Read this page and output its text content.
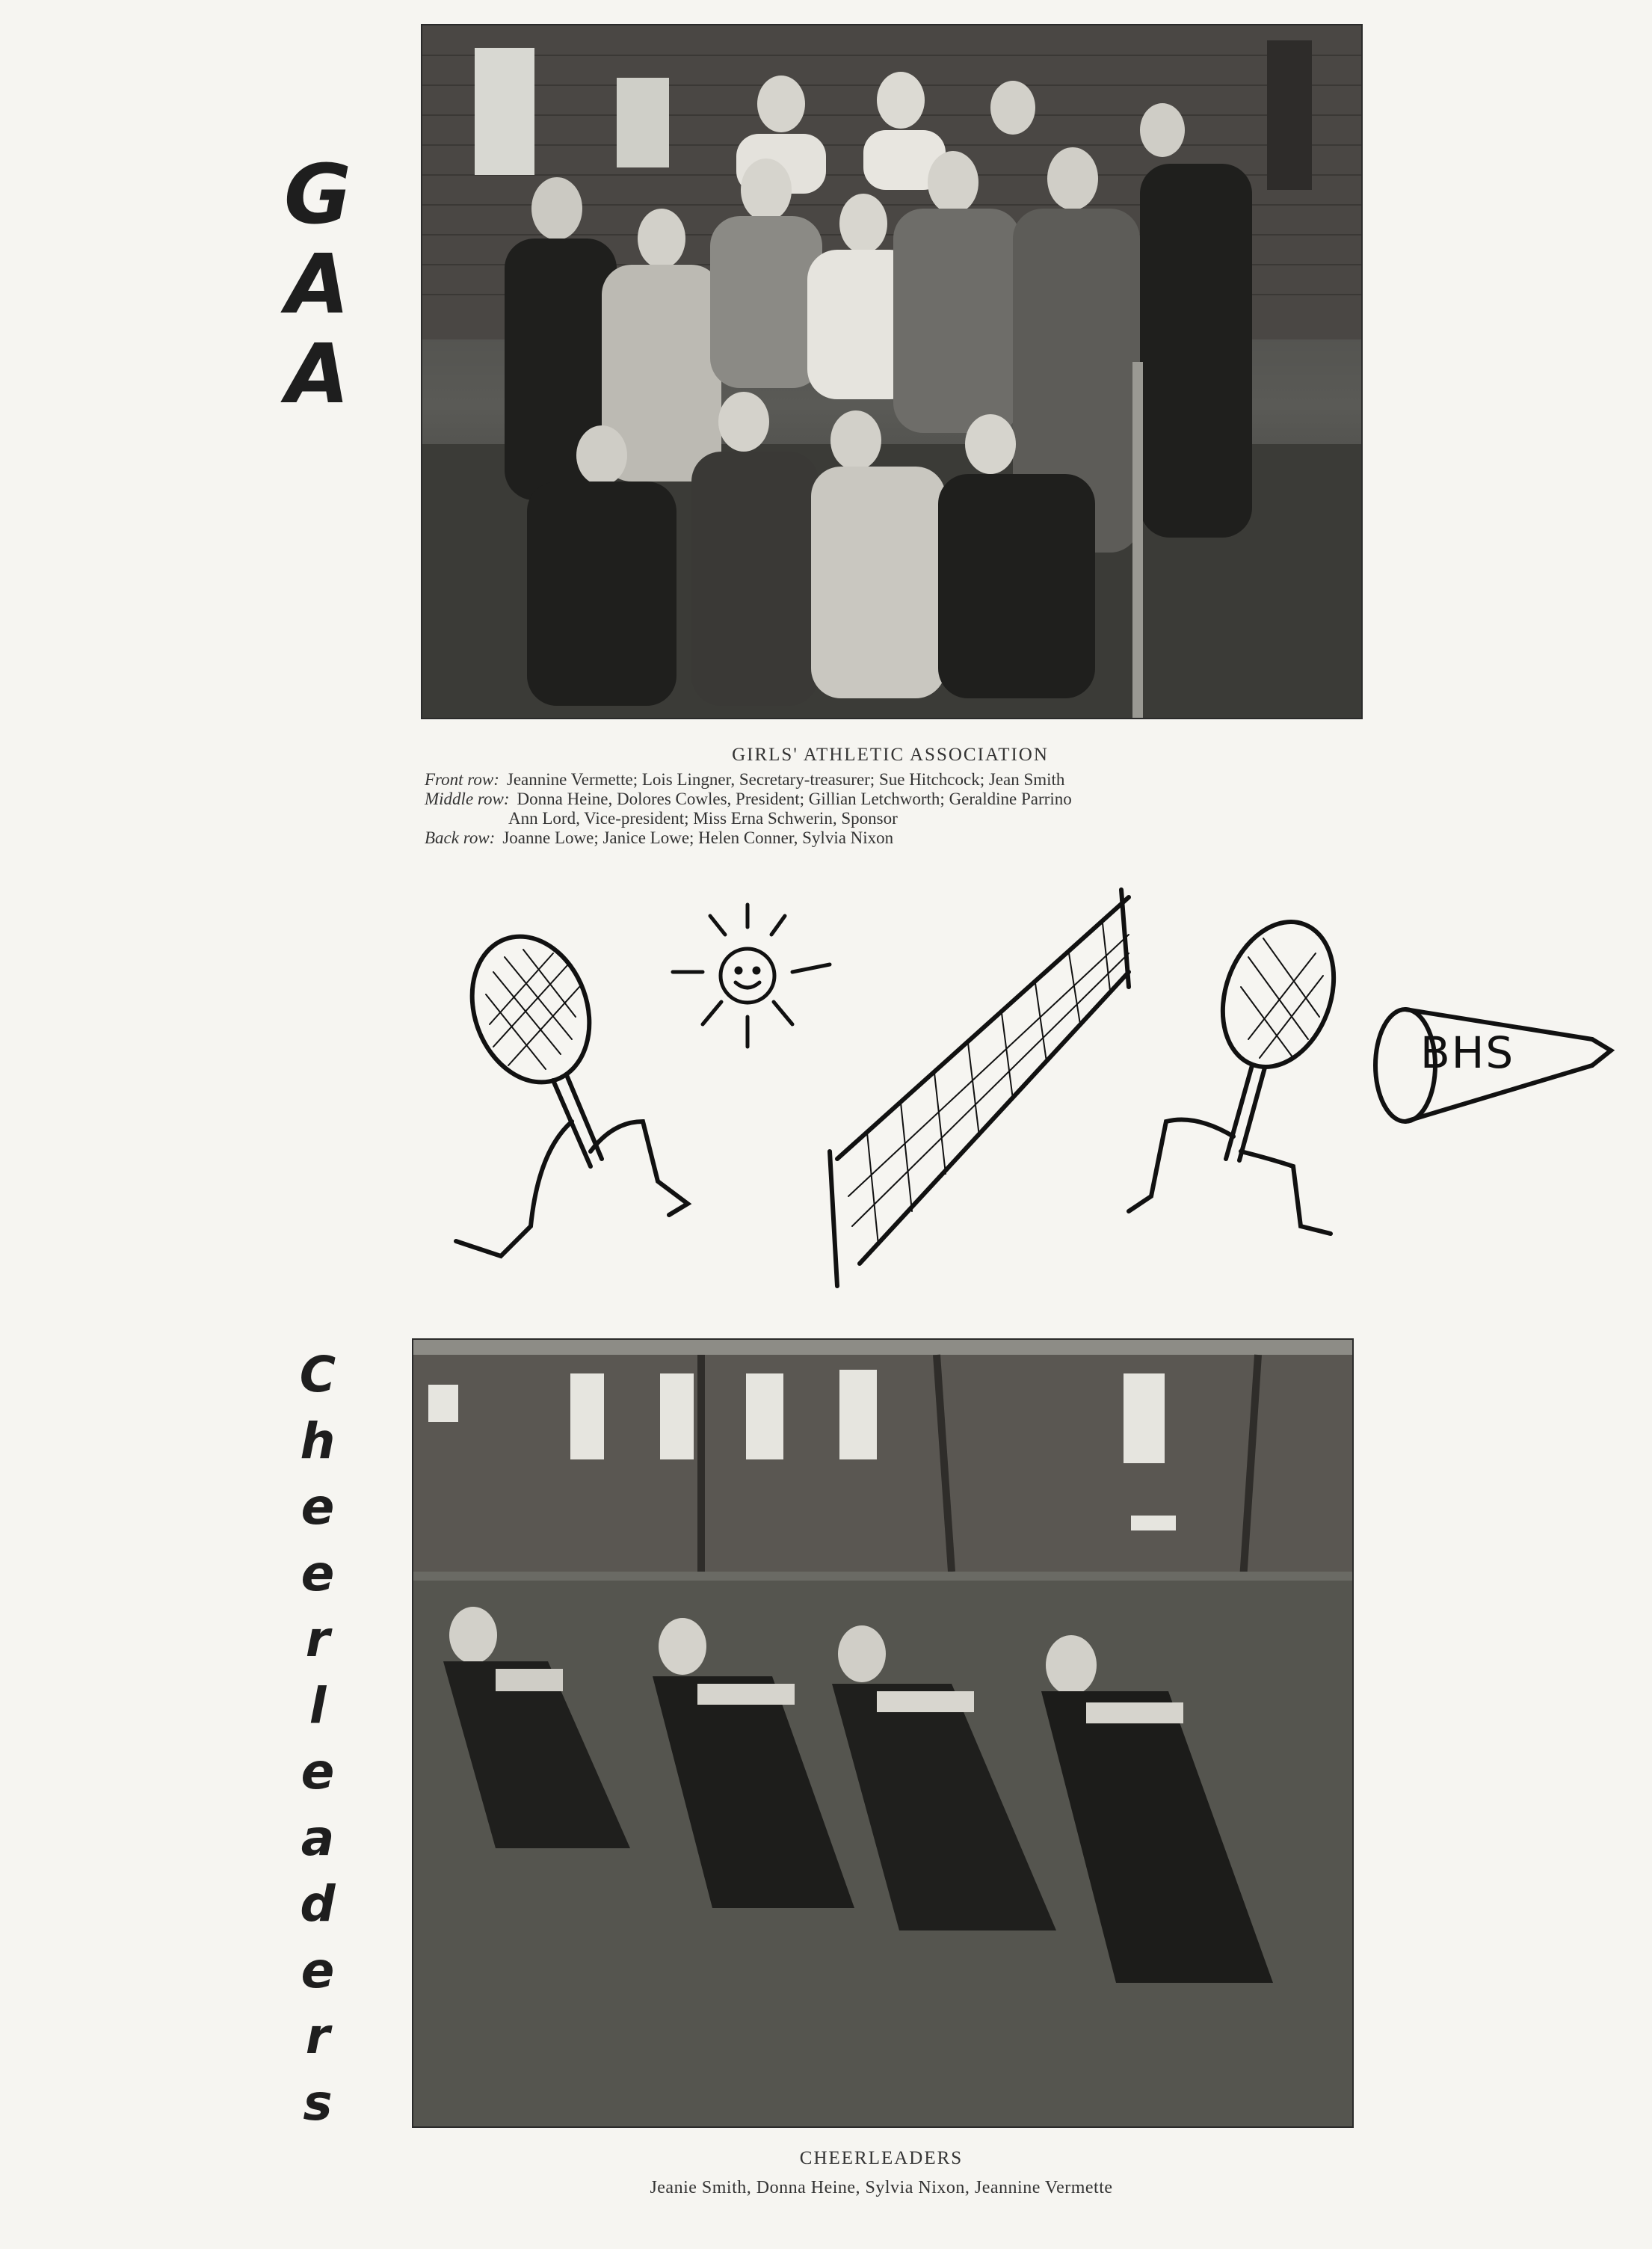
G
A
A
GIRLS' ATHLETIC ASSOCIATION
Front row: Jeannine Vermette; Lois Lingner, Secretary-treasurer; Sue Hitchcock; Jean Smith
Middle row: Donna Heine, Dolores Cowles, President; Gillian Letchworth; Geraldine Parrino
Ann Lord, Vice-president; Miss Erna Schwerin, Sponsor
Back row: Joanne Lowe; Janice Lowe; Helen Conner, Sylvia Nixon
BHS
C
h
e
e
r
l
e
a
d
e
r
s
CHEERLEADERS
Jeanie Smith, Donna Heine, Sylvia Nixon, Jeannine Vermette
